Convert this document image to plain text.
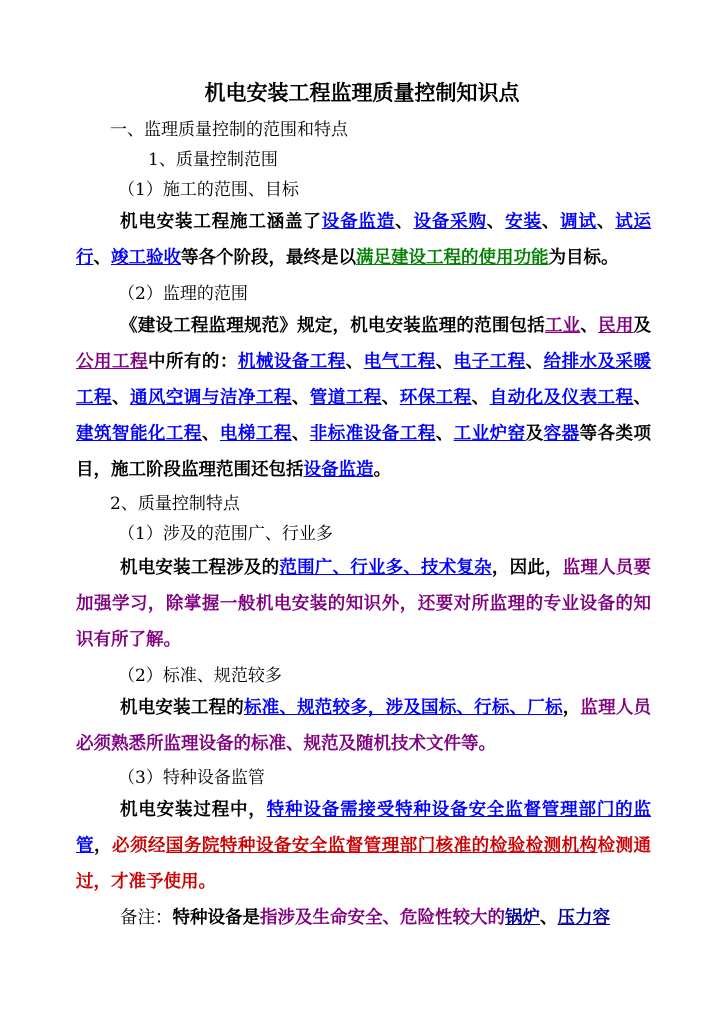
机电安装工程监理质量控制知识点
一、监理质量控制的范围和特点
1、质量控制范围
（1）施工的范围、目标
机电安装工程施工涵盖了设备监造、设备采购、安装、调试、试运行、竣工验收等各个阶段，最终是以满足建设工程的使用功能为目标。
（2）监理的范围
《建设工程监理规范》规定，机电安装监理的范围包括工业、民用及公用工程中所有的：机械设备工程、电气工程、电子工程、给排水及采暖工程、通风空调与洁净工程、管道工程、环保工程、自动化及仪表工程、建筑智能化工程、电梯工程、非标准设备工程、工业炉窑及容器等各类项目，施工阶段监理范围还包括设备监造。
2、质量控制特点
（1）涉及的范围广、行业多
机电安装工程涉及的范围广、行业多、技术复杂，因此，监理人员要加强学习，除掌握一般机电安装的知识外，还要对所监理的专业设备的知识有所了解。
（2）标准、规范较多
机电安装工程的标准、规范较多，涉及国标、行标、厂标，监理人员必须熟悉所监理设备的标准、规范及随机技术文件等。
（3）特种设备监管
机电安装过程中，特种设备需接受特种设备安全监督管理部门的监管，必须经国务院特种设备安全监督管理部门核准的检验检测机构检测通过，才准予使用。
备注：特种设备是指涉及生命安全、危险性较大的锅炉、压力容
